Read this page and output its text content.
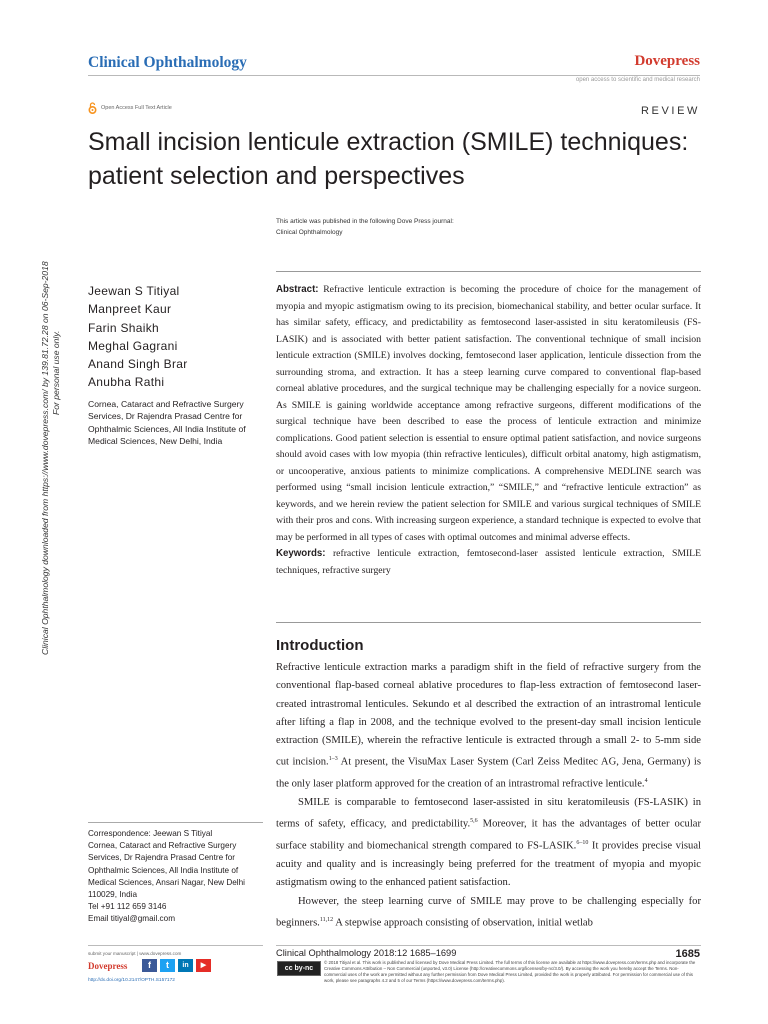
Clinical Ophthalmology	Dovepress
open access to scientific and medical research
Open Access Full Text Article	REVIEW
Small incision lenticule extraction (SMILE) techniques: patient selection and perspectives
This article was published in the following Dove Press journal:
Clinical Ophthalmology
Clinical Ophthalmology downloaded from https://www.dovepress.com/ by 139.81.72.28 on 06-Sep-2018 For personal use only.
Jeewan S Titiyal
Manpreet Kaur
Farin Shaikh
Meghal Gagrani
Anand Singh Brar
Anubha Rathi
Cornea, Cataract and Refractive Surgery Services, Dr Rajendra Prasad Centre for Ophthalmic Sciences, All India Institute of Medical Sciences, New Delhi, India
Abstract: Refractive lenticule extraction is becoming the procedure of choice for the management of myopia and myopic astigmatism owing to its precision, biomechanical stability, and better ocular surface. It has similar safety, efficacy, and predictability as femtosecond laser-assisted in situ keratomileusis (FS-LASIK) and is associated with better patient satisfaction. The conventional technique of small incision lenticule extraction (SMILE) involves docking, femtosecond laser application, lenticule dissection from the surrounding stroma, and extraction. It has a steep learning curve compared to conventional flap-based corneal ablative procedures, and the surgical technique may be challenging especially for a novice surgeon. As SMILE is gaining worldwide acceptance among refractive surgeons, different modifications of the surgical technique have been described to ease the process of lenticule extraction and minimize complications. Good patient selection is essential to ensure optimal patient satisfaction, and novice surgeons should avoid cases with low myopia (thin refractive lenticules), difficult orbital anatomy, high astigmatism, or uncooperative, anxious patients to minimize complications. A comprehensive MEDLINE search was performed using “small incision lenticule extraction,” “SMILE,” and “refractive lenticule extraction” as keywords, and we herein review the patient selection for SMILE and various surgical techniques of SMILE with their pros and cons. With increasing surgeon experience, a standard technique is expected to evolve that may be performed in all types of cases with optimal outcomes and minimal adverse effects.
Keywords: refractive lenticule extraction, femtosecond-laser assisted lenticule extraction, SMILE techniques, refractive surgery
Introduction

Refractive lenticule extraction marks a paradigm shift in the field of refractive surgery from the conventional flap-based corneal ablative procedures to flap-less extraction of femtosecond laser-created intrastromal lenticules. Sekundo et al described the extraction of an intrastromal lenticule after lifting a flap in 2008, and the technique evolved to the present-day small incision lenticule extraction (SMILE), wherein the refractive lenticule is extracted through a small 2- to 5-mm side cut incision.$^{1-3}$ At present, the VisuMax Laser System (Carl Zeiss Meditec AG, Jena, Germany) is the only laser platform approved for the creation of an intrastromal refractive lenticule.$^4$

SMILE is comparable to femtosecond laser-assisted in situ keratomileusis (FS-LASIK) in terms of safety, efficacy, and predictability.$^{5,6}$ Moreover, it has the advantages of better ocular surface stability and biomechanical strength compared to FS-LASIK.$^{6-10}$ It provides precise visual acuity and quality and is increasingly being preferred for the treatment of myopia and myopic astigmatism owing to the enhanced patient satisfaction.

However, the steep learning curve of SMILE may prove to be challenging especially for beginners.$^{11,12}$ A stepwise approach consisting of observation, initial wetlab

Correspondence: Jeewan S Titiyal
Cornea, Cataract and Refractive Surgery Services, Dr Rajendra Prasad Centre for Ophthalmic Sciences, All India Institute of Medical Sciences, Ansari Nagar, New Delhi 110029, India
Tel +91 112 659 3146
Email titiyal@gmail.com
submit your manuscript | www.dovepress.com
Dovepress	f	t	in	▶
http://dx.doi.org/10.2147/OPTH.S157172
Clinical Ophthalmology 2018:12 1685–1699	1685
cc by-nc
© 2018 Titiyal et al. This work is published and licensed by Dove Medical Press Limited. The full terms of this license are available at https://www.dovepress.com/terms.php and incorporate the Creative Commons Attribution – Non Commercial (unported, v3.0) License (http://creativecommons.org/licenses/by-nc/3.0/). By accessing the work you hereby accept the Terms. Non-commercial uses of the work are permitted without any further permission from Dove Medical Press Limited, provided the work is properly attributed. For permission for commercial use of this work, please see paragraphs 4.2 and 5 of our Terms (https://www.dovepress.com/terms.php).
